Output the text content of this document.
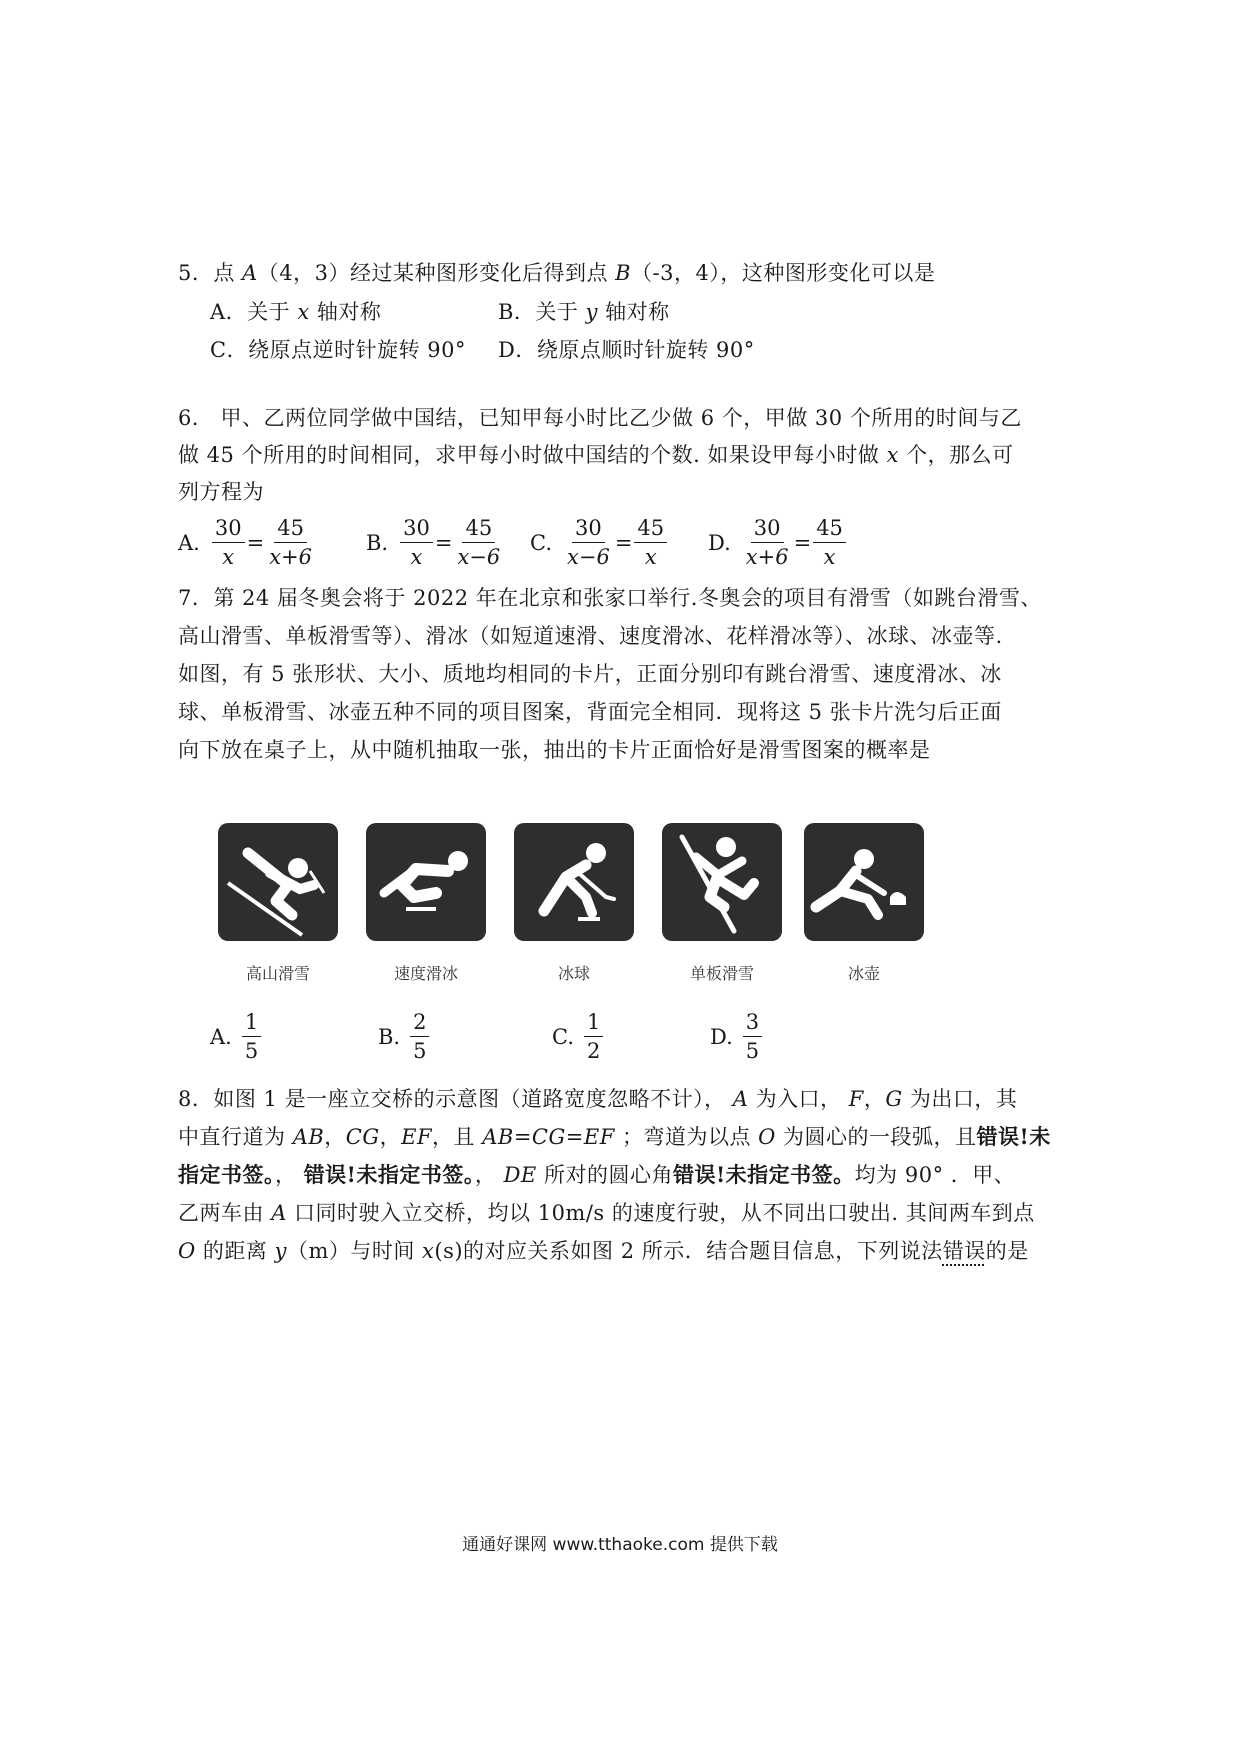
5．点 A（4，3）经过某种图形变化后得到点 B（-3，4），这种图形变化可以是
A．关于 x 轴对称	B．关于 y 轴对称
C．绕原点逆时针旋转 90° D．绕原点顺时针旋转 90°
6． 甲、乙两位同学做中国结，已知甲每小时比乙少做 6 个，甲做 30 个所用的时间与乙
做 45 个所用的时间相同，求甲每小时做中国结的个数. 如果设甲每小时做 x 个，那么可
列方程为
A. $\frac{30}{x} = \frac{45}{x+6} B$. $\frac{30}{x} = \frac{45}{x-6} C$. $\frac{30}{x-6} = \frac{45}{x} D$. $\frac{30}{x+6} = \frac{45}{x}$
7．第 24 届冬奥会将于 2022 年在北京和张家口举行.冬奥会的项目有滑雪（如跳台滑雪、
高山滑雪、单板滑雪等）、滑冰（如短道速滑、速度滑冰、花样滑冰等）、冰球、冰壶等.
如图，有 5 张形状、大小、质地均相同的卡片，正面分别印有跳台滑雪、速度滑冰、冰
球、单板滑雪、冰壶五种不同的项目图案，背面完全相同．现将这 5 张卡片洗匀后正面
向下放在桌子上，从中随机抽取一张，抽出的卡片正面恰好是滑雪图案的概率是
高山滑雪	速度滑冰	冰球	单板滑雪	冰壶
A. $\frac{1}{5}$	B. $\frac{2}{5}$	C. $\frac{1}{2}$	D. $\frac{3}{5}$
8．如图 1 是一座立交桥的示意图（道路宽度忽略不计）， A 为入口， F，G 为出口，其
中直行道为 AB，CG，EF，且 AB=CG=EF ；弯道为以点 O 为圆心的一段弧，且错误!未
指定书签。， 错误!未指定书签。， DE 所对的圆心角错误!未指定书签。均为 90° ．甲、
乙两车由 A 口同时驶入立交桥，均以 10m/s 的速度行驶，从不同出口驶出. 其间两车到点
O 的距离 y（m）与时间 x(s)的对应关系如图 2 所示．结合题目信息，下列说法错误的是
通通好课网 www.tthaoke.com 提供下载
